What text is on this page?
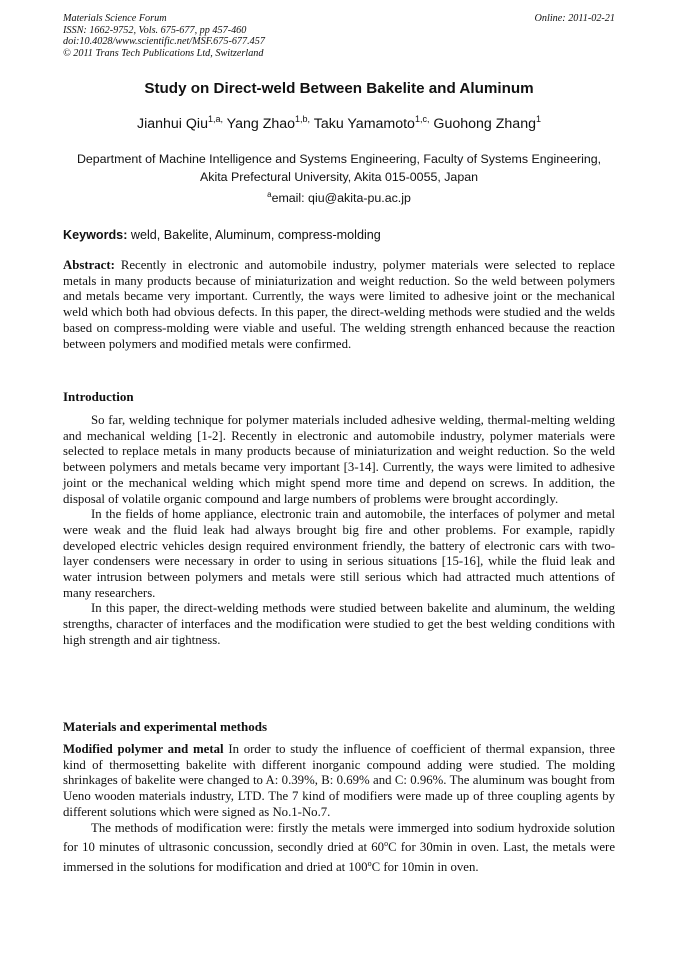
Materials Science Forum
ISSN: 1662-9752, Vols. 675-677, pp 457-460
doi:10.4028/www.scientific.net/MSF.675-677.457
© 2011 Trans Tech Publications Ltd, Switzerland
Online: 2011-02-21
Study on Direct-weld Between Bakelite and Aluminum
Jianhui Qiu$^{1,a,}$ Yang Zhao$^{1,b,}$ Taku Yamamoto$^{1,c,}$ Guohong Zhang$^1$
Department of Machine Intelligence and Systems Engineering, Faculty of Systems Engineering,
Akita Prefectural University, Akita 015-0055, Japan
$^a$email: qiu@akita-pu.ac.jp
Keywords: weld, Bakelite, Aluminum, compress-molding

Abstract: Recently in electronic and automobile industry, polymer materials were selected to replace metals in many products because of miniaturization and weight reduction. So the weld between polymers and metals became very important. Currently, the ways were limited to adhesive joint or the mechanical weld which both had obvious defects. In this paper, the direct-welding methods were studied and the welds based on compress-molding were viable and useful. The welding strength enhanced because the reaction between polymers and modified metals were confirmed.

Introduction

So far, welding technique for polymer materials included adhesive welding, thermal-melting welding and mechanical welding [1-2]. Recently in electronic and automobile industry, polymer materials were selected to replace metals in many products because of miniaturization and weight reduction. So the weld between polymers and metals became very important [3-14]. Currently, the ways were limited to adhesive joint or the mechanical welding which might spend more time and depend on screws. In addition, the disposal of volatile organic compound and large numbers of problems were brought accordingly.

In the fields of home appliance, electronic train and automobile, the interfaces of polymer and metal were weak and the fluid leak had always brought big fire and other problems. For example, rapidly developed electric vehicles design required environment friendly, the battery of electronic cars with two-layer condensers were necessary in order to using in serious situations [15-16], while the fluid leak and water intrusion between polymers and metals were still serious which had attracted much attentions of many researchers.

In this paper, the direct-welding methods were studied between bakelite and aluminum, the welding strengths, character of interfaces and the modification were studied to get the best welding conditions with high strength and air tightness.

Materials and experimental methods

Modified polymer and metal In order to study the influence of coefficient of thermal expansion, three kind of thermosetting bakelite with different inorganic compound adding were studied. The molding shrinkages of bakelite were changed to A: 0.39%, B: 0.69% and C: 0.96%. The aluminum was bought from Ueno wooden materials industry, LTD. The 7 kind of modifiers were made up of three coupling agents by different solutions which were signed as No.1-No.7.

The methods of modification were: firstly the metals were immerged into sodium hydroxide solution for 10 minutes of ultrasonic concussion, secondly dried at 60$^o$C for 30min in oven. Last, the metals were immersed in the solutions for modification and dried at 100$^o$C for 10min in oven.
